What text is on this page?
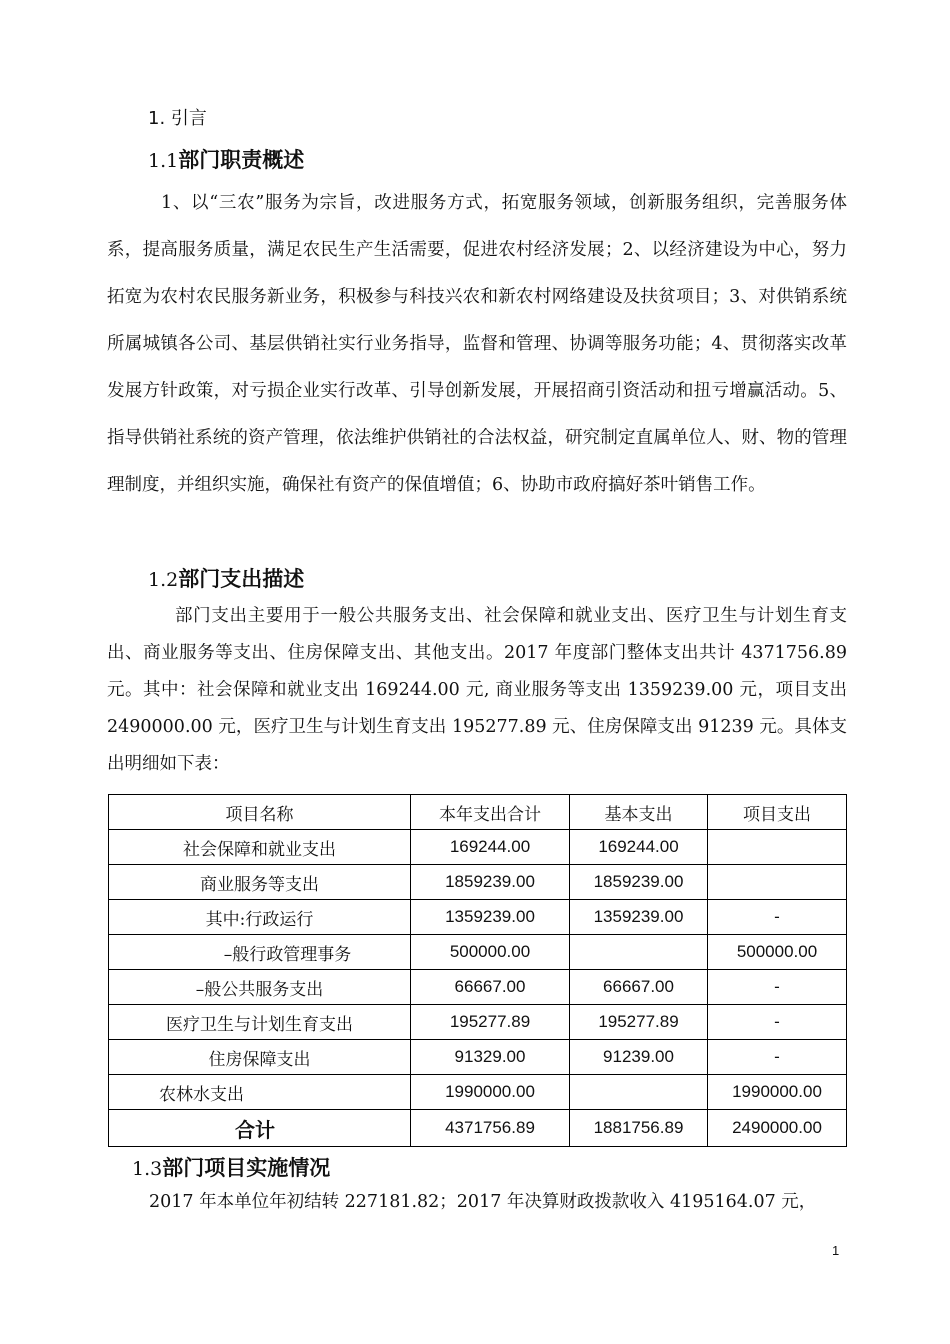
1. 引言
1.1部门职责概述

1、以“三农”服务为宗旨，改进服务方式，拓宽服务领域，创新服务组织，完善服务体系，提高服务质量，满足农民生产生活需要，促进农村经济发展；2、以经济建设为中心，努力拓宽为农村农民服务新业务，积极参与科技兴农和新农村网络建设及扶贫项目；3、对供销系统所属城镇各公司、基层供销社实行业务指导，监督和管理、协调等服务功能；4、贯彻落实改革发展方针政策，对亏损企业实行改革、引导创新发展，开展招商引资活动和扭亏增赢活动。5、指导供销社系统的资产管理，依法维护供销社的合法权益，研究制定直属单位人、财、物的管理理制度，并组织实施，确保社有资产的保值增值；6、协助市政府搞好茶叶销售工作。

1.2部门支出描述

部门支出主要用于一般公共服务支出、社会保障和就业支出、医疗卫生与计划生育支出、商业服务等支出、住房保障支出、其他支出。2017 年度部门整体支出共计 4371756.89 元。其中：社会保障和就业支出 169244.00 元, 商业服务等支出 1359239.00 元，项目支出 2490000.00 元，医疗卫生与计划生育支出 195277.89 元、住房保障支出 91239 元。具体支出明细如下表：

项目名称	本年支出合计	基本支出	项目支出
社会保障和就业支出	169244.00	169244.00	
商业服务等支出	1859239.00	1859239.00	
其中:行政运行	1359239.00	1359239.00	-
–般行政管理事务	500000.00		500000.00
–般公共服务支出	66667.00	66667.00	-
医疗卫生与计划生育支出	195277.89	195277.89	-
住房保障支出	91329.00	91239.00	-
农林水支出	1990000.00		1990000.00
合计	4371756.89	1881756.89	2490000.00
1.3部门项目实施情况

2017 年本单位年初结转 227181.82；2017 年决算财政拨款收入 4195164.07 元，

1
